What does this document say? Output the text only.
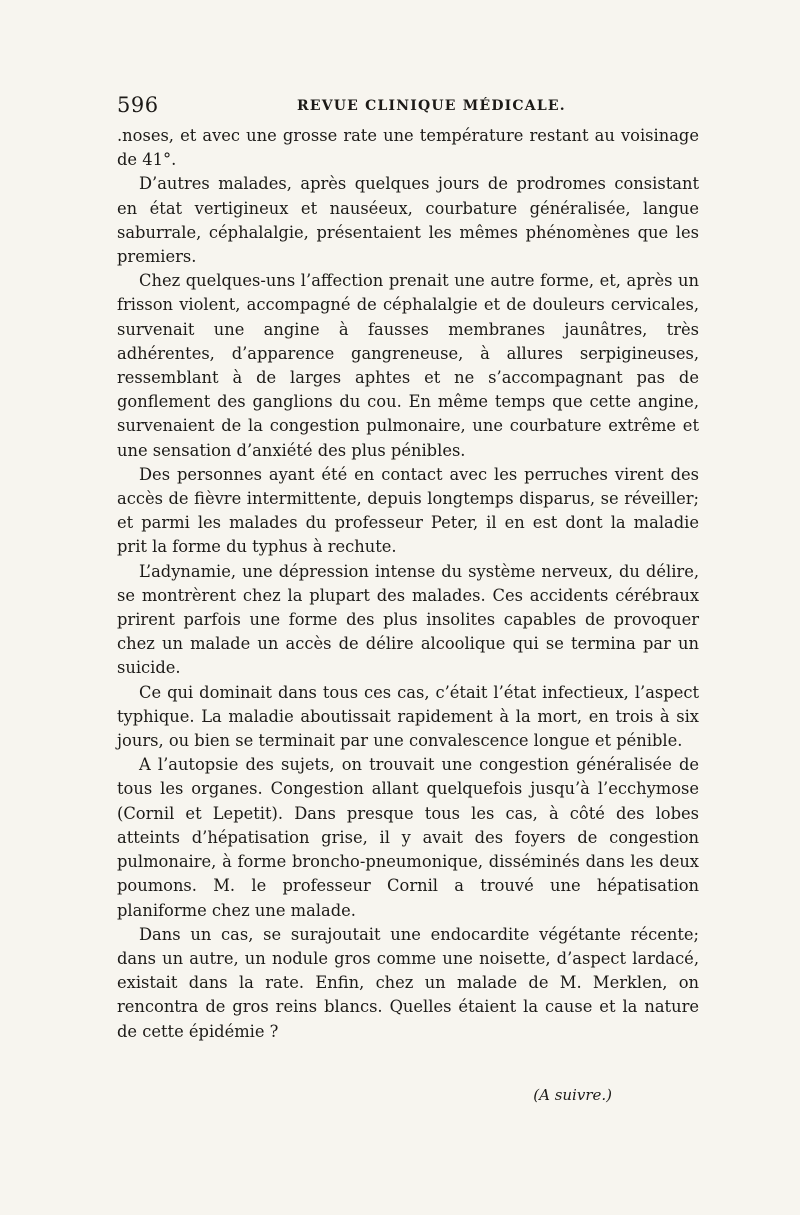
596	REVUE CLINIQUE MÉDICALE.

.noses, et avec une grosse rate une température restant au voisinage de 41°.

D’autres malades, après quelques jours de prodromes consistant en état vertigineux et nauséeux, courbature généralisée, langue saburrale, céphalalgie, présentaient les mêmes phénomènes que les premiers.

Chez quelques-uns l’affection prenait une autre forme, et, après un frisson violent, accompagné de céphalalgie et de douleurs cervicales, survenait une angine à fausses membranes jaunâtres, très adhérentes, d’apparence gangreneuse, à allures serpigineuses, ressemblant à de larges aphtes et ne s’accompagnant pas de gonflement des ganglions du cou. En même temps que cette angine, survenaient de la congestion pulmonaire, une courbature extrême et une sensation d’anxiété des plus pénibles.

Des personnes ayant été en contact avec les perruches virent des accès de fièvre intermittente, depuis longtemps disparus, se réveiller; et parmi les malades du professeur Peter, il en est dont la maladie prit la forme du typhus à rechute.

L’adynamie, une dépression intense du système nerveux, du délire, se montrèrent chez la plupart des malades. Ces accidents cérébraux prirent parfois une forme des plus insolites capables de provoquer chez un malade un accès de délire alcoolique qui se termina par un suicide.

Ce qui dominait dans tous ces cas, c’était l’état infectieux, l’aspect typhique. La maladie aboutissait rapidement à la mort, en trois à six jours, ou bien se terminait par une convalescence longue et pénible.

A l’autopsie des sujets, on trouvait une congestion généralisée de tous les organes. Congestion allant quelquefois jusqu’à l’ecchymose (Cornil et Lepetit). Dans presque tous les cas, à côté des lobes atteints d’hépatisation grise, il y avait des foyers de congestion pulmonaire, à forme broncho-pneumonique, disséminés dans les deux poumons. M. le professeur Cornil a trouvé une hépatisation planiforme chez une malade.

Dans un cas, se surajoutait une endocardite végétante récente; dans un autre, un nodule gros comme une noisette, d’aspect lardacé, existait dans la rate. Enfin, chez un malade de M. Merklen, on rencontra de gros reins blancs. Quelles étaient la cause et la nature de cette épidémie ?

(A suivre.)
